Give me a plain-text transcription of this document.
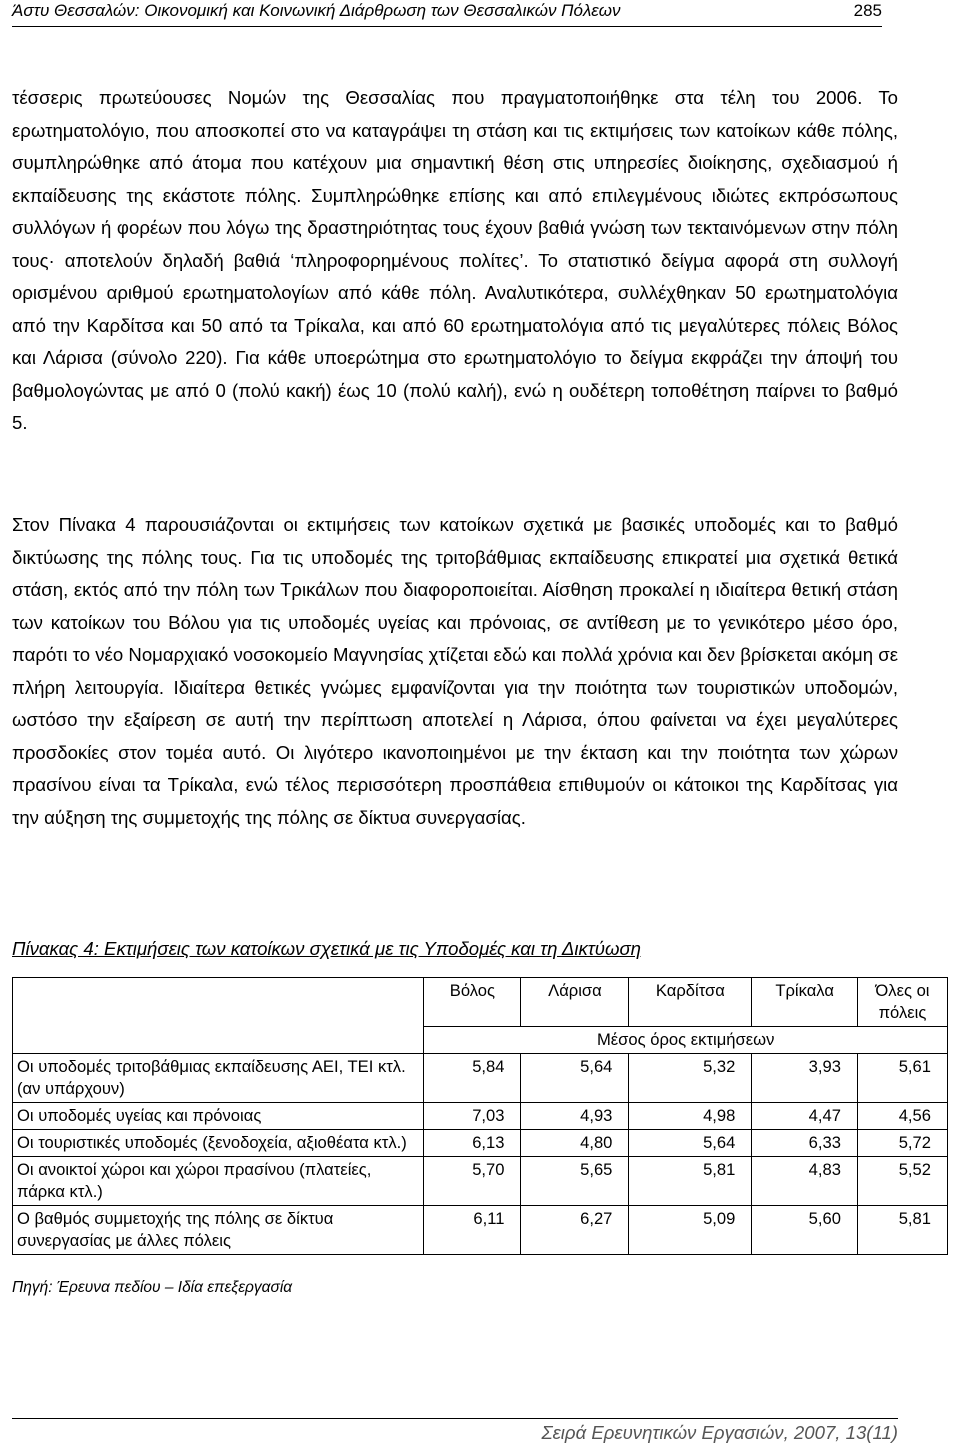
Άστυ Θεσσαλών: Οικονομική και Κοινωνική Διάρθρωση των Θεσσαλικών Πόλεων	285

τέσσερις πρωτεύουσες Νομών της Θεσσαλίας που πραγματοποιήθηκε στα τέλη του 2006. Το ερωτηματολόγιο, που αποσκοπεί στο να καταγράψει τη στάση και τις εκτιμήσεις των κατοίκων κάθε πόλης, συμπληρώθηκε από άτομα που κατέχουν μια σημαντική θέση στις υπηρεσίες διοίκησης, σχεδιασμού ή εκπαίδευσης της εκάστοτε πόλης. Συμπληρώθηκε επίσης και από επιλεγμένους ιδιώτες εκπρόσωπους συλλόγων ή φορέων που λόγω της δραστηριότητας τους έχουν βαθιά γνώση των τεκταινόμενων στην πόλη τους· αποτελούν δηλαδή βαθιά ‘πληροφορημένους πολίτες’. Το στατιστικό δείγμα αφορά στη συλλογή ορισμένου αριθμού ερωτηματολογίων από κάθε πόλη. Αναλυτικότερα, συλλέχθηκαν 50 ερωτηματολόγια από την Καρδίτσα και 50 από τα Τρίκαλα, και από 60 ερωτηματολόγια από τις μεγαλύτερες πόλεις Βόλος και Λάρισα (σύνολο 220). Για κάθε υποερώτημα στο ερωτηματολόγιο το δείγμα εκφράζει την άποψή του βαθμολογώντας με από 0 (πολύ κακή) έως 10 (πολύ καλή), ενώ η ουδέτερη τοποθέτηση παίρνει το βαθμό 5.

Στον Πίνακα 4 παρουσιάζονται οι εκτιμήσεις των κατοίκων σχετικά με βασικές υποδομές και το βαθμό δικτύωσης της πόλης τους. Για τις υποδομές της τριτοβάθμιας εκπαίδευσης επικρατεί μια σχετικά θετικά στάση, εκτός από την πόλη των Τρικάλων που διαφοροποιείται. Αίσθηση προκαλεί η ιδιαίτερα θετική στάση των κατοίκων του Βόλου για τις υποδομές υγείας και πρόνοιας, σε αντίθεση με το γενικότερο μέσο όρο, παρότι το νέο Νομαρχιακό νοσοκομείο Μαγνησίας χτίζεται εδώ και πολλά χρόνια και δεν βρίσκεται ακόμη σε πλήρη λειτουργία. Ιδιαίτερα θετικές γνώμες εμφανίζονται για την ποιότητα των τουριστικών υποδομών, ωστόσο την εξαίρεση σε αυτή την περίπτωση αποτελεί η Λάρισα, όπου φαίνεται να έχει μεγαλύτερες προσδοκίες στον τομέα αυτό. Οι λιγότερο ικανοποιημένοι με την έκταση και την ποιότητα των χώρων πρασίνου είναι τα Τρίκαλα, ενώ τέλος περισσότερη προσπάθεια επιθυμούν οι κάτοικοι της Καρδίτσας για την αύξηση της συμμετοχής της πόλης σε δίκτυα συνεργασίας.

Πίνακας 4: Εκτιμήσεις των κατοίκων σχετικά με τις Υποδομές και τη Δικτύωση
	Βόλος	Λάρισα	Καρδίτσα	Τρίκαλα	Όλες οι πόλεις
	Μέσος όρος εκτιμήσεων				
Οι υποδομές τριτοβάθμιας εκπαίδευσης ΑΕΙ, ΤΕΙ κτλ. (αν υπάρχουν)	5,84	5,64	5,32	3,93	5,61
Οι υποδομές υγείας και πρόνοιας	7,03	4,93	4,98	4,47	4,56
Οι τουριστικές υποδομές (ξενοδοχεία, αξιοθέατα κτλ.)	6,13	4,80	5,64	6,33	5,72
Οι ανοικτοί χώροι και χώροι πρασίνου (πλατείες, πάρκα κτλ.)	5,70	5,65	5,81	4,83	5,52
Ο βαθμός συμμετοχής της πόλης σε δίκτυα συνεργασίας με άλλες πόλεις	6,11	6,27	5,09	5,60	5,81
Πηγή: Έρευνα πεδίου – Ιδία επεξεργασία
Σειρά Ερευνητικών Εργασιών, 2007, 13(11)
